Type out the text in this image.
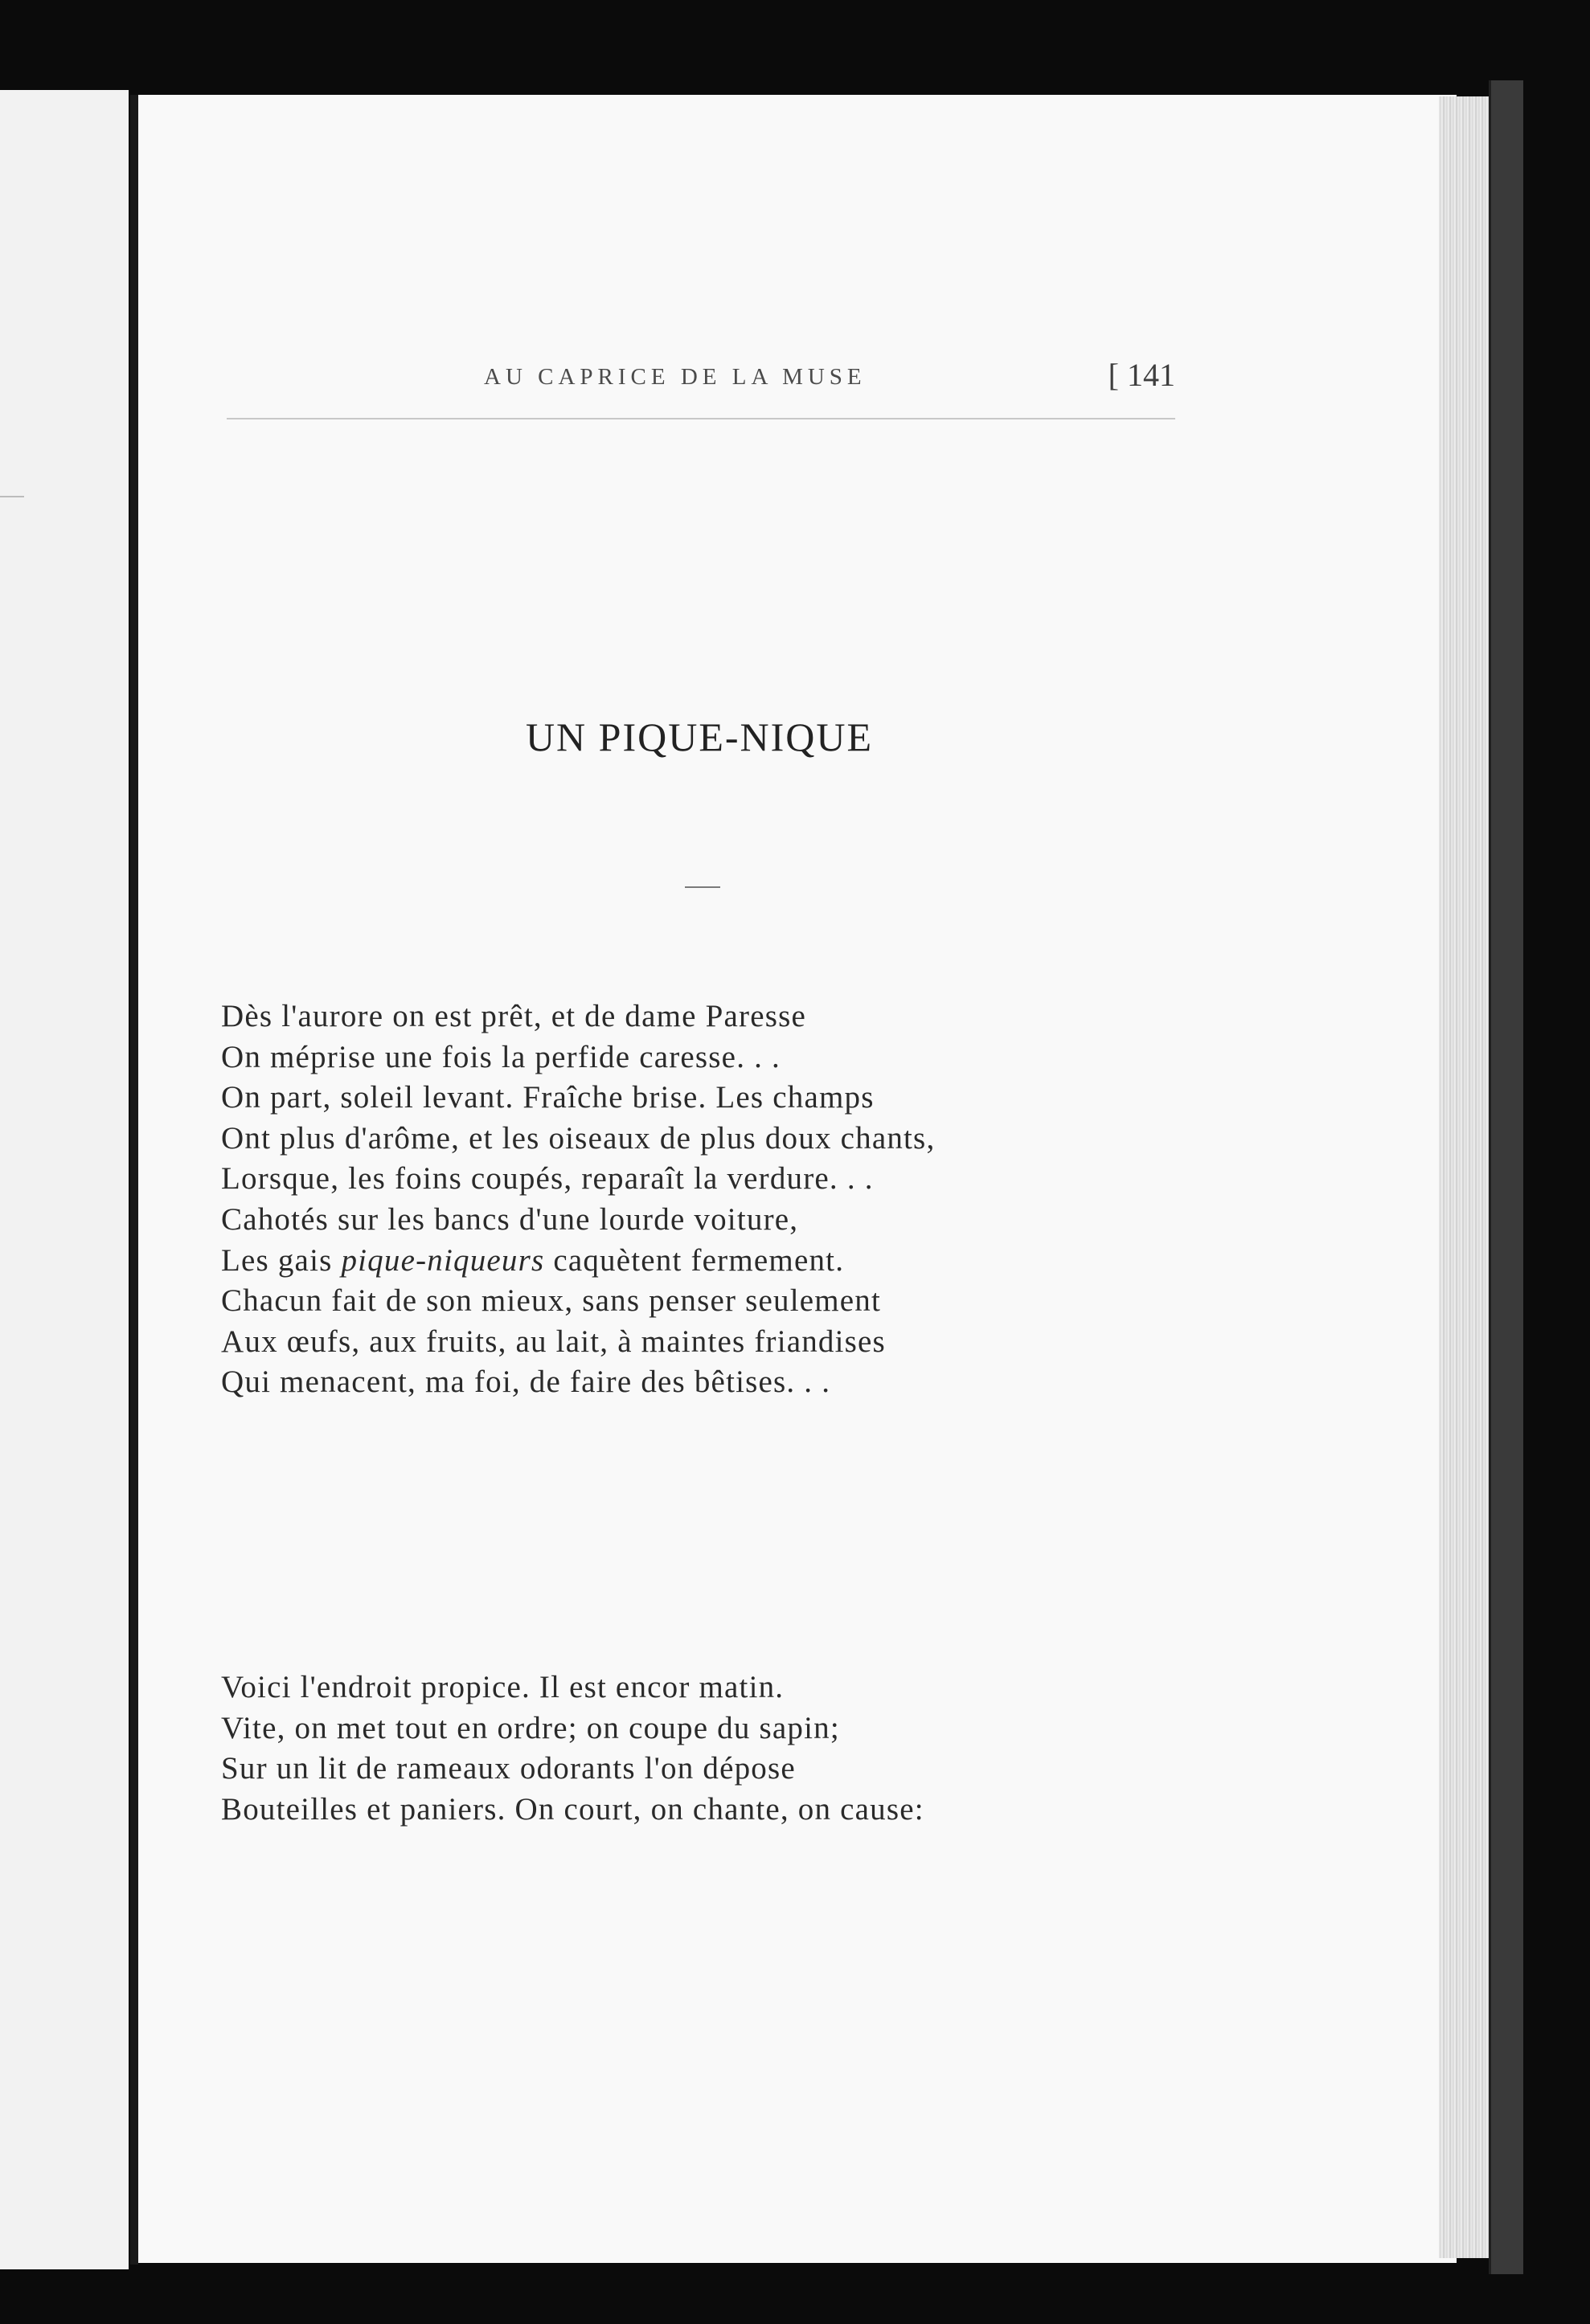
AU CAPRICE DE LA MUSE	[ 141
UN PIQUE-NIQUE
Dès l'aurore on est prêt, et de dame Paresse
On méprise une fois la perfide caresse. . .
On part, soleil levant. Fraîche brise. Les champs
Ont plus d'arôme, et les oiseaux de plus doux chants,
Lorsque, les foins coupés, reparaît la verdure. . .
Cahotés sur les bancs d'une lourde voiture,
Les gais pique-niqueurs caquètent fermement.
Chacun fait de son mieux, sans penser seulement
Aux œufs, aux fruits, au lait, à maintes friandises
Qui menacent, ma foi, de faire des bêtises. . .
Voici l'endroit propice. Il est encor matin.
Vite, on met tout en ordre; on coupe du sapin;
Sur un lit de rameaux odorants l'on dépose
Bouteilles et paniers. On court, on chante, on cause:
